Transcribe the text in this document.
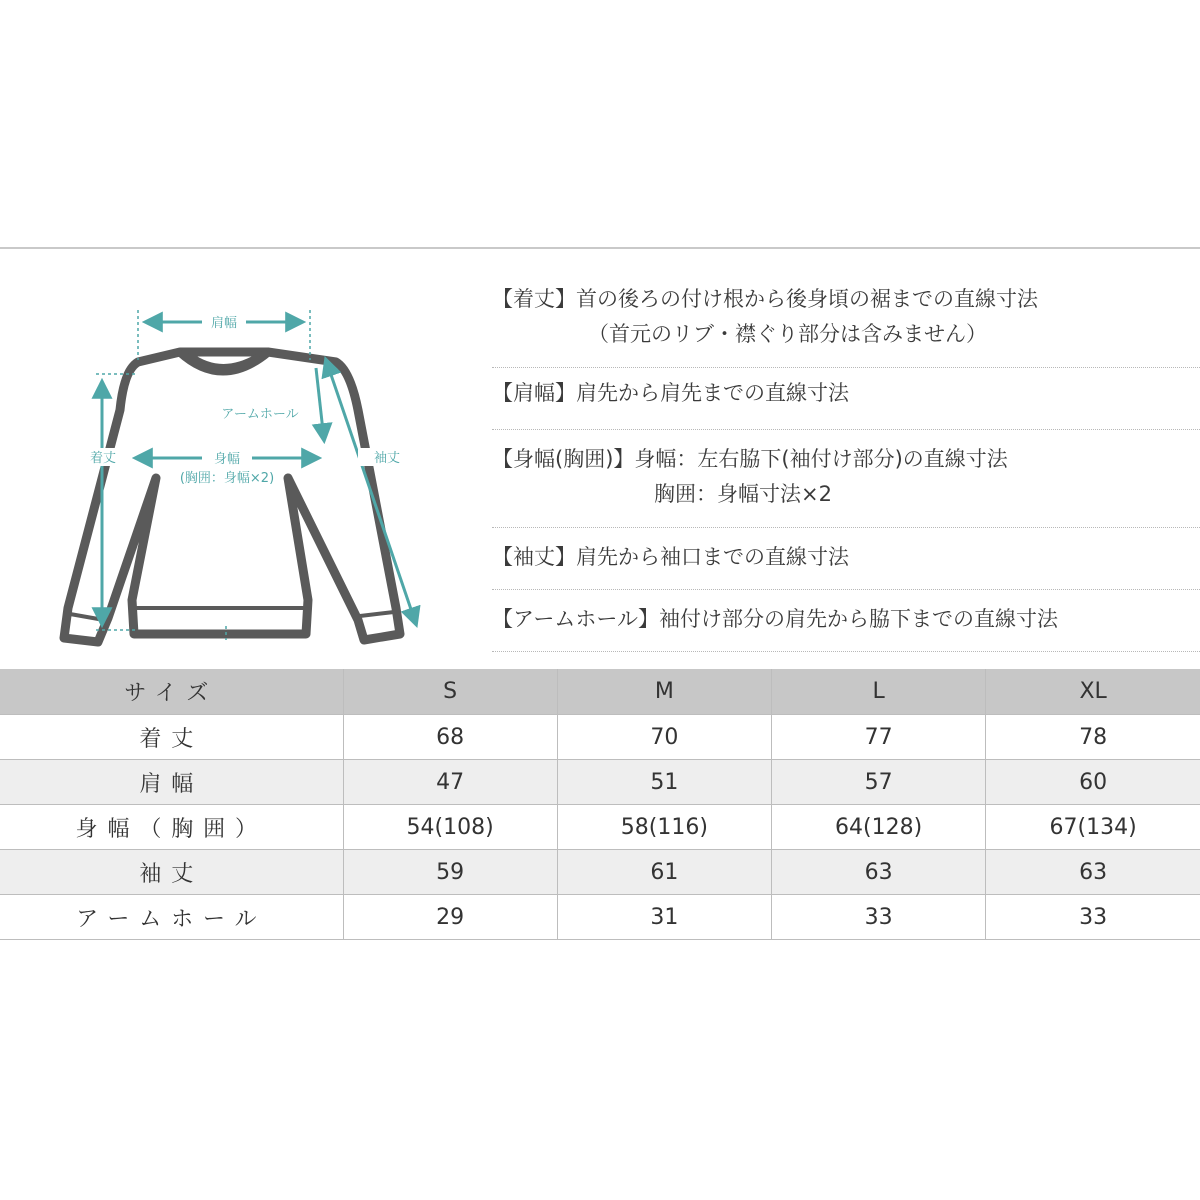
肩幅
アームホール
着丈	身幅
(胸囲：身幅×2)
袖丈
【着丈】首の後ろの付け根から後身頃の裾までの直線寸法
（首元のリブ・襟ぐり部分は含みません）
【肩幅】肩先から肩先までの直線寸法
【身幅(胸囲)】身幅：左右脇下(袖付け部分)の直線寸法
胸囲：身幅寸法×2
【袖丈】肩先から袖口までの直線寸法
【アームホール】袖付け部分の肩先から脇下までの直線寸法
サイズ	S	M	L	XL
着丈	68	70	77	78
肩幅	47	51	57	60
身幅（胸囲）	54(108)	58(116)	64(128)	67(134)
袖丈	59	61	63	63
アームホール	29	31	33	33
